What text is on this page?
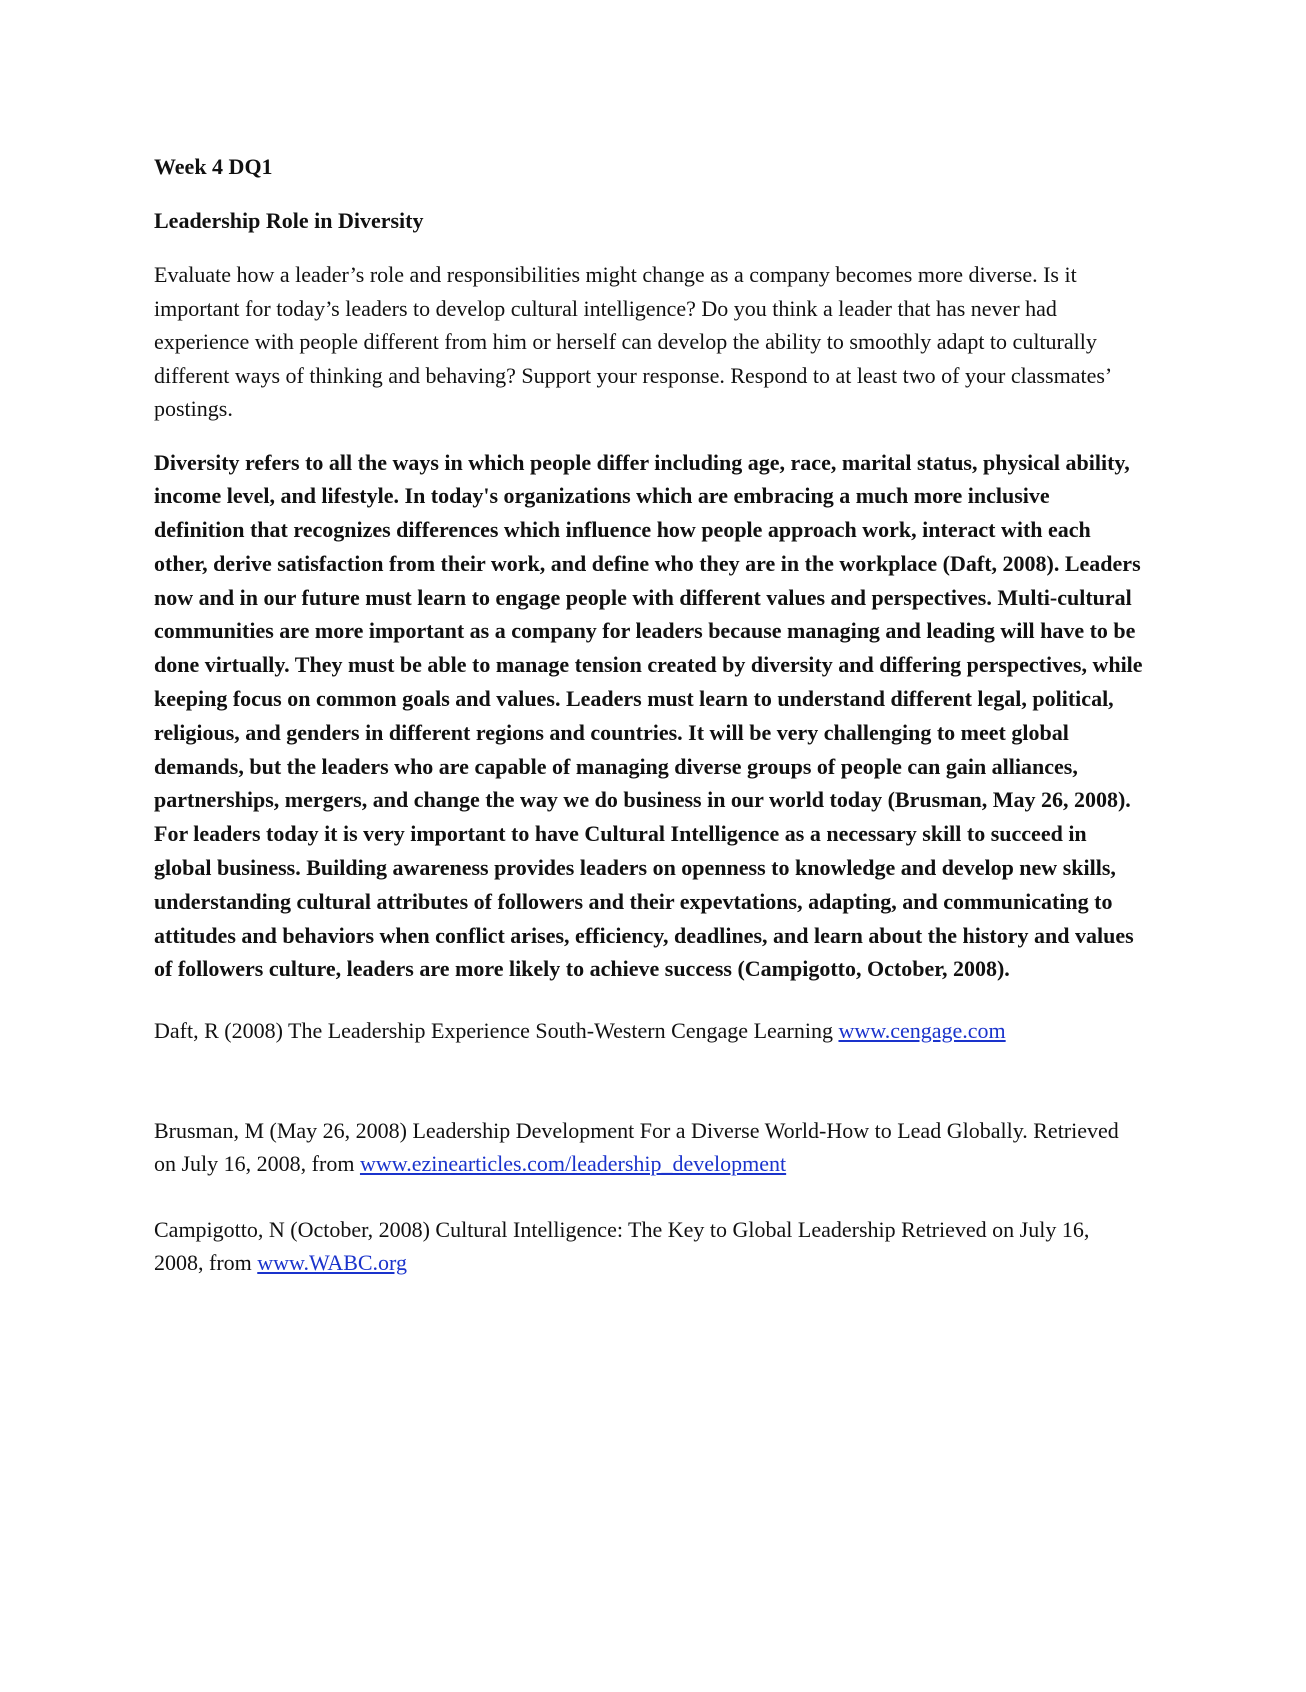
Week 4 DQ1

Leadership Role in Diversity

Evaluate how a leader’s role and responsibilities might change as a company becomes more diverse. Is it important for today’s leaders to develop cultural intelligence? Do you think a leader that has never had experience with people different from him or herself can develop the ability to smoothly adapt to culturally different ways of thinking and behaving? Support your response. Respond to at least two of your classmates’ postings.

Diversity refers to all the ways in which people differ including age, race, marital status, physical ability, income level, and lifestyle. In today's organizations which are embracing a much more inclusive definition that recognizes differences which influence how people approach work, interact with each other, derive satisfaction from their work, and define who they are in the workplace (Daft, 2008). Leaders now and in our future must learn to engage people with different values and perspectives. Multi-cultural communities are more important as a company for leaders because managing and leading will have to be done virtually. They must be able to manage tension created by diversity and differing perspectives, while keeping focus on common goals and values. Leaders must learn to understand different legal, political, religious, and genders in different regions and countries. It will be very challenging to meet global demands, but the leaders who are capable of managing diverse groups of people can gain alliances, partnerships, mergers, and change the way we do business in our world today (Brusman, May 26, 2008). For leaders today it is very important to have Cultural Intelligence as a necessary skill to succeed in global business. Building awareness provides leaders on openness to knowledge and develop new skills, understanding cultural attributes of followers and their expevtations, adapting, and communicating to attitudes and behaviors when conflict arises, efficiency, deadlines, and learn about the history and values of followers culture, leaders are more likely to achieve success (Campigotto, October, 2008).

Daft, R (2008) The Leadership Experience South-Western Cengage Learning www.cengage.com

Brusman, M (May 26, 2008) Leadership Development For a Diverse World-How to Lead Globally. Retrieved on July 16, 2008, from www.ezinearticles.com/leadership_development

Campigotto, N (October, 2008) Cultural Intelligence: The Key to Global Leadership Retrieved on July 16, 2008, from www.WABC.org
